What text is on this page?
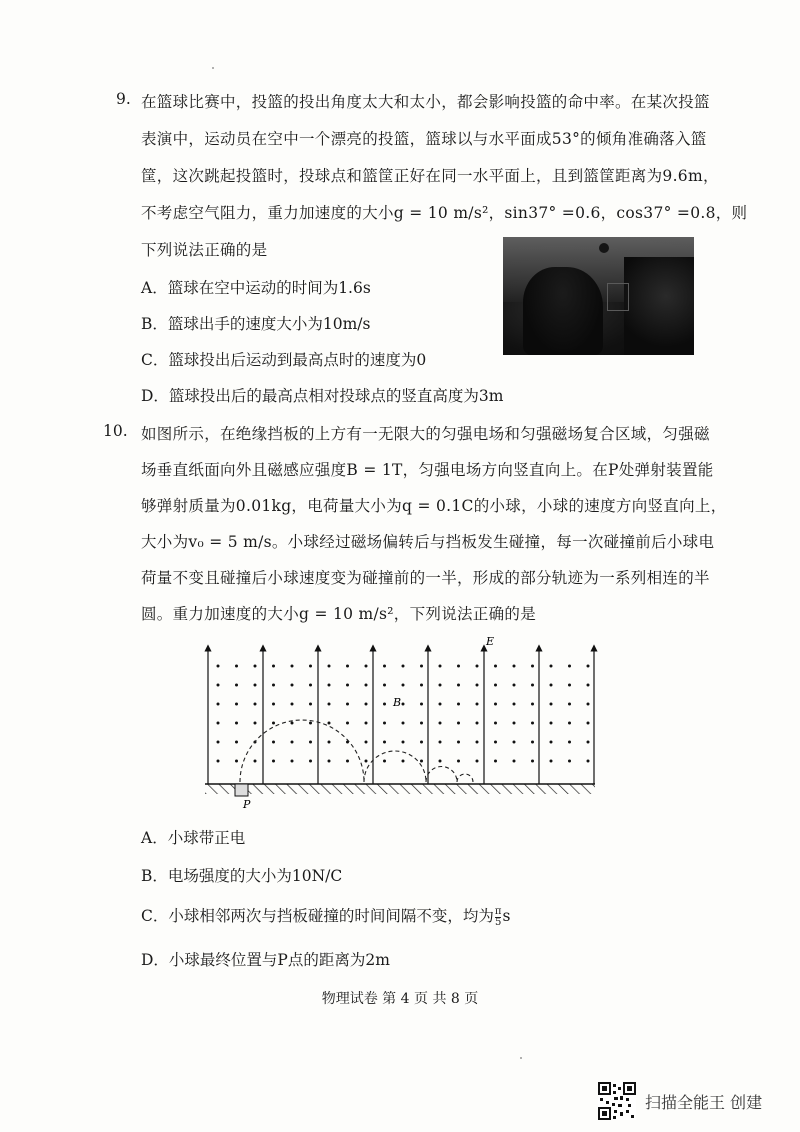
9. 在篮球比赛中，投篮的投出角度太大和太小，都会影响投篮的命中率。在某次投篮
表演中，运动员在空中一个漂亮的投篮，篮球以与水平面成53°的倾角准确落入篮
筐，这次跳起投篮时，投球点和篮筐正好在同一水平面上，且到篮筐距离为9.6m，
不考虑空气阻力，重力加速度的大小g = 10 m/s²，sin37° =0.6，cos37° =0.8，则
下列说法正确的是
A．篮球在空中运动的时间为1.6s
B．篮球出手的速度大小为10m/s
C．篮球投出后运动到最高点时的速度为0
D．篮球投出后的最高点相对投球点的竖直高度为3m
10. 如图所示，在绝缘挡板的上方有一无限大的匀强电场和匀强磁场复合区域，匀强磁
场垂直纸面向外且磁感应强度B = 1T，匀强电场方向竖直向上。在P处弹射装置能
够弹射质量为0.01kg，电荷量大小为q = 0.1C的小球，小球的速度方向竖直向上，
大小为v₀ = 5 m/s。小球经过磁场偏转后与挡板发生碰撞，每一次碰撞前后小球电
荷量不变且碰撞后小球速度变为碰撞前的一半，形成的部分轨迹为一系列相连的半
圆。重力加速度的大小g = 10 m/s²，下列说法正确的是
P
E
B
A．小球带正电
B．电场强度的大小为10N/C
C．小球相邻两次与挡板碰撞的时间间隔不变，均为 $\frac{\pi}{5}$ s
D．小球最终位置与P点的距离为2m
物理试卷 第 4 页 共 8 页
扫描全能王 创建
